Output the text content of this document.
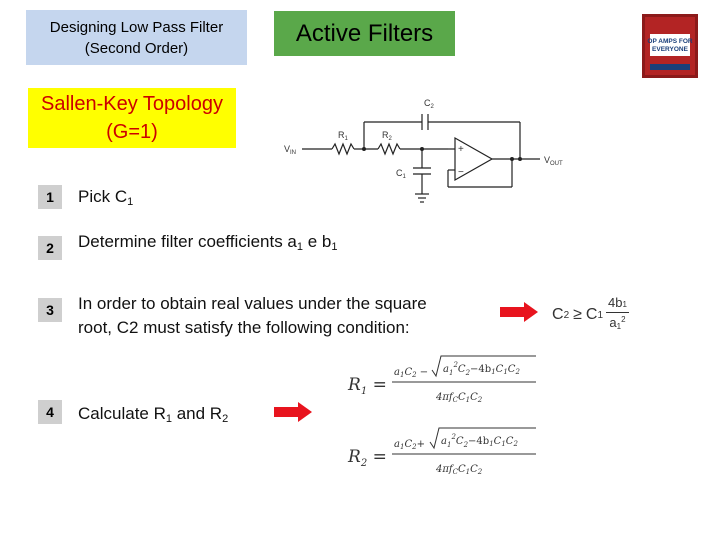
Designing Low Pass Filter
(Second Order)
Active Filters	OP AMPS FOR
EVERYONE
Sallen-Key Topology
(G=1)
$V_{IN}$
$R_1$	$R_2$
$C_1$
$C_2$
$V_{OUT}$
+
−
1	Pick $C_1$
2	Determine filter coefficients $a_1$ e $b_1$
3	In order to obtain real values under the square
root, C2 must satisfy the following condition:
C 2 ≥ C 1
4b1
$a1^2$
4	Calculate $R_1$ and $R_2$
$R_1$ =
$a_1C_2 - a_1^2C_2-4b_1C_1C_2$
$4\pi f_CC_1C_2$
$R_2$ =
$a_1C_2+ a_1^2C_2-4b_1C_1C_2$
$4\pi f_CC_1C_2$
